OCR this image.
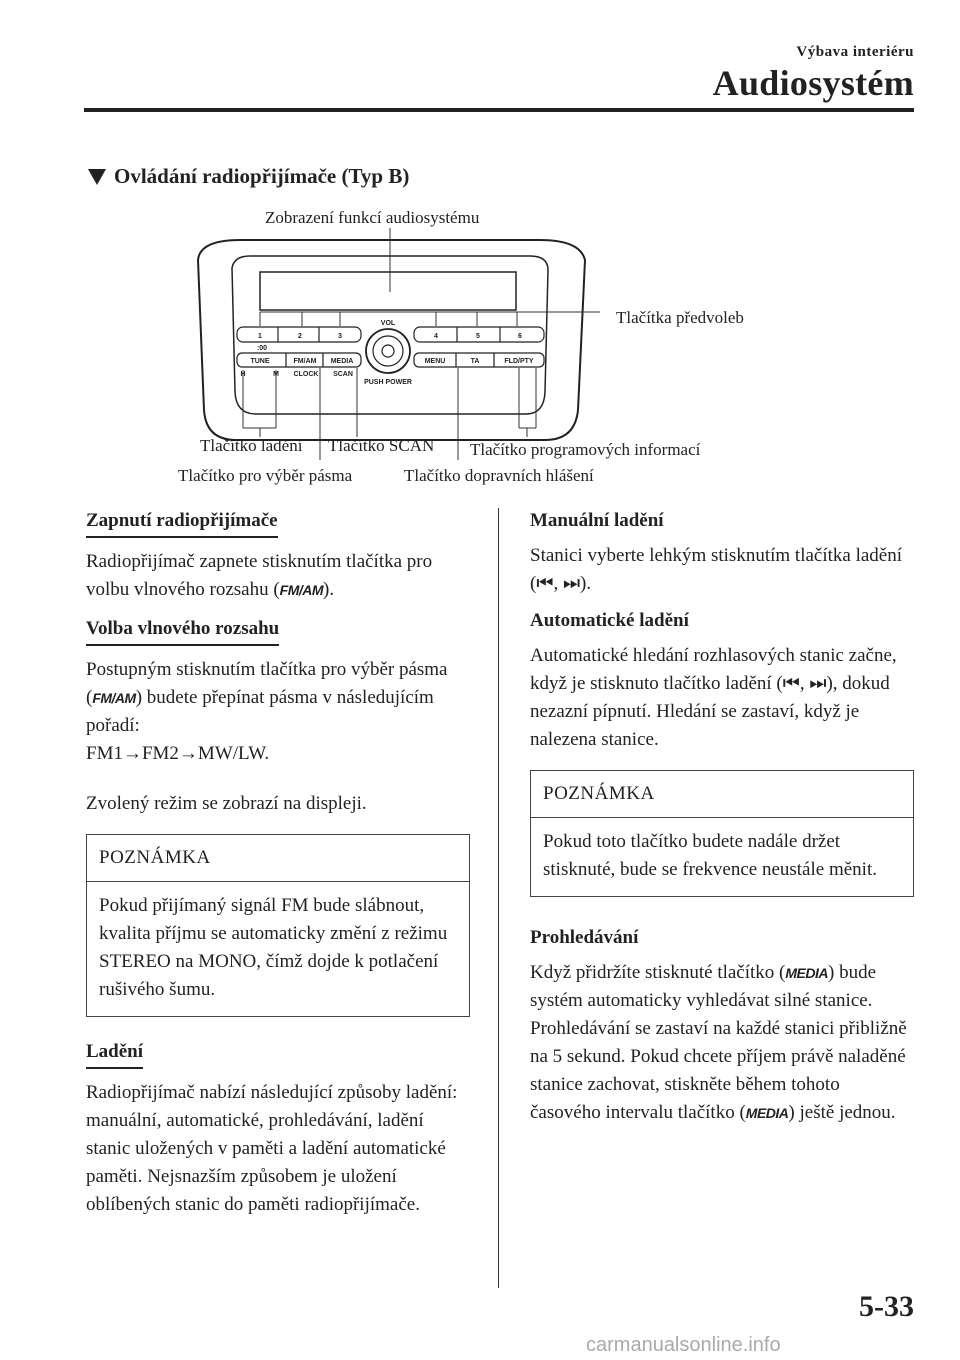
Výbava interiéru
Audiosystém
Ovládání radiopřijímače (Typ B)
1	2	3	4	5	6
:00
VOL
TUNE	FM/AM MEDIA	MENU	TA	FLD/PTY
H	M CLOCK SCAN
PUSH POWER
Zobrazení funkcí audiosystému
Tlačítka předvoleb
Tlačítko ladění Tlačítko SCAN Tlačítko programových informací
Tlačítko pro výběr pásma	Tlačítko dopravních hlášení
Zapnutí radiopřijímače

Radiopřijímač zapnete stisknutím tlačítka pro volbu vlnového rozsahu (FM/AM).

Volba vlnového rozsahu

Postupným stisknutím tlačítka pro výběr pásma (FM/AM) budete přepínat pásma v následujícím pořadí:
FM1→FM2→MW/LW.

Zvolený režim se zobrazí na displeji.

POZNÁMKA
Pokud přijímaný signál FM bude slábnout, kvalita příjmu se automaticky změní z režimu STEREO na MONO, čímž dojde k potlačení rušivého šumu.
Ladění

Radiopřijímač nabízí následující způsoby ladění: manuální, automatické, prohledávání, ladění stanic uložených v paměti a ladění automatické paměti. Nejsnazším způsobem je uložení oblíbených stanic do paměti radiopřijímače.

Manuální ladění

Stanici vyberte lehkým stisknutím tlačítka ladění (⏮, ⏭).

Automatické ladění

Automatické hledání rozhlasových stanic začne, když je stisknuto tlačítko ladění (⏮, ⏭), dokud nezazní pípnutí. Hledání se zastaví, když je nalezena stanice.

POZNÁMKA
Pokud toto tlačítko budete nadále držet stisknuté, bude se frekvence neustále měnit.
Prohledávání

Když přidržíte stisknuté tlačítko (MEDIA) bude systém automaticky vyhledávat silné stanice. Prohledávání se zastaví na každé stanici přibližně na 5 sekund. Pokud chcete příjem právě naladěné stanice zachovat, stiskněte během tohoto časového intervalu tlačítko (MEDIA) ještě jednou.

5-33
carmanualsonline.info
